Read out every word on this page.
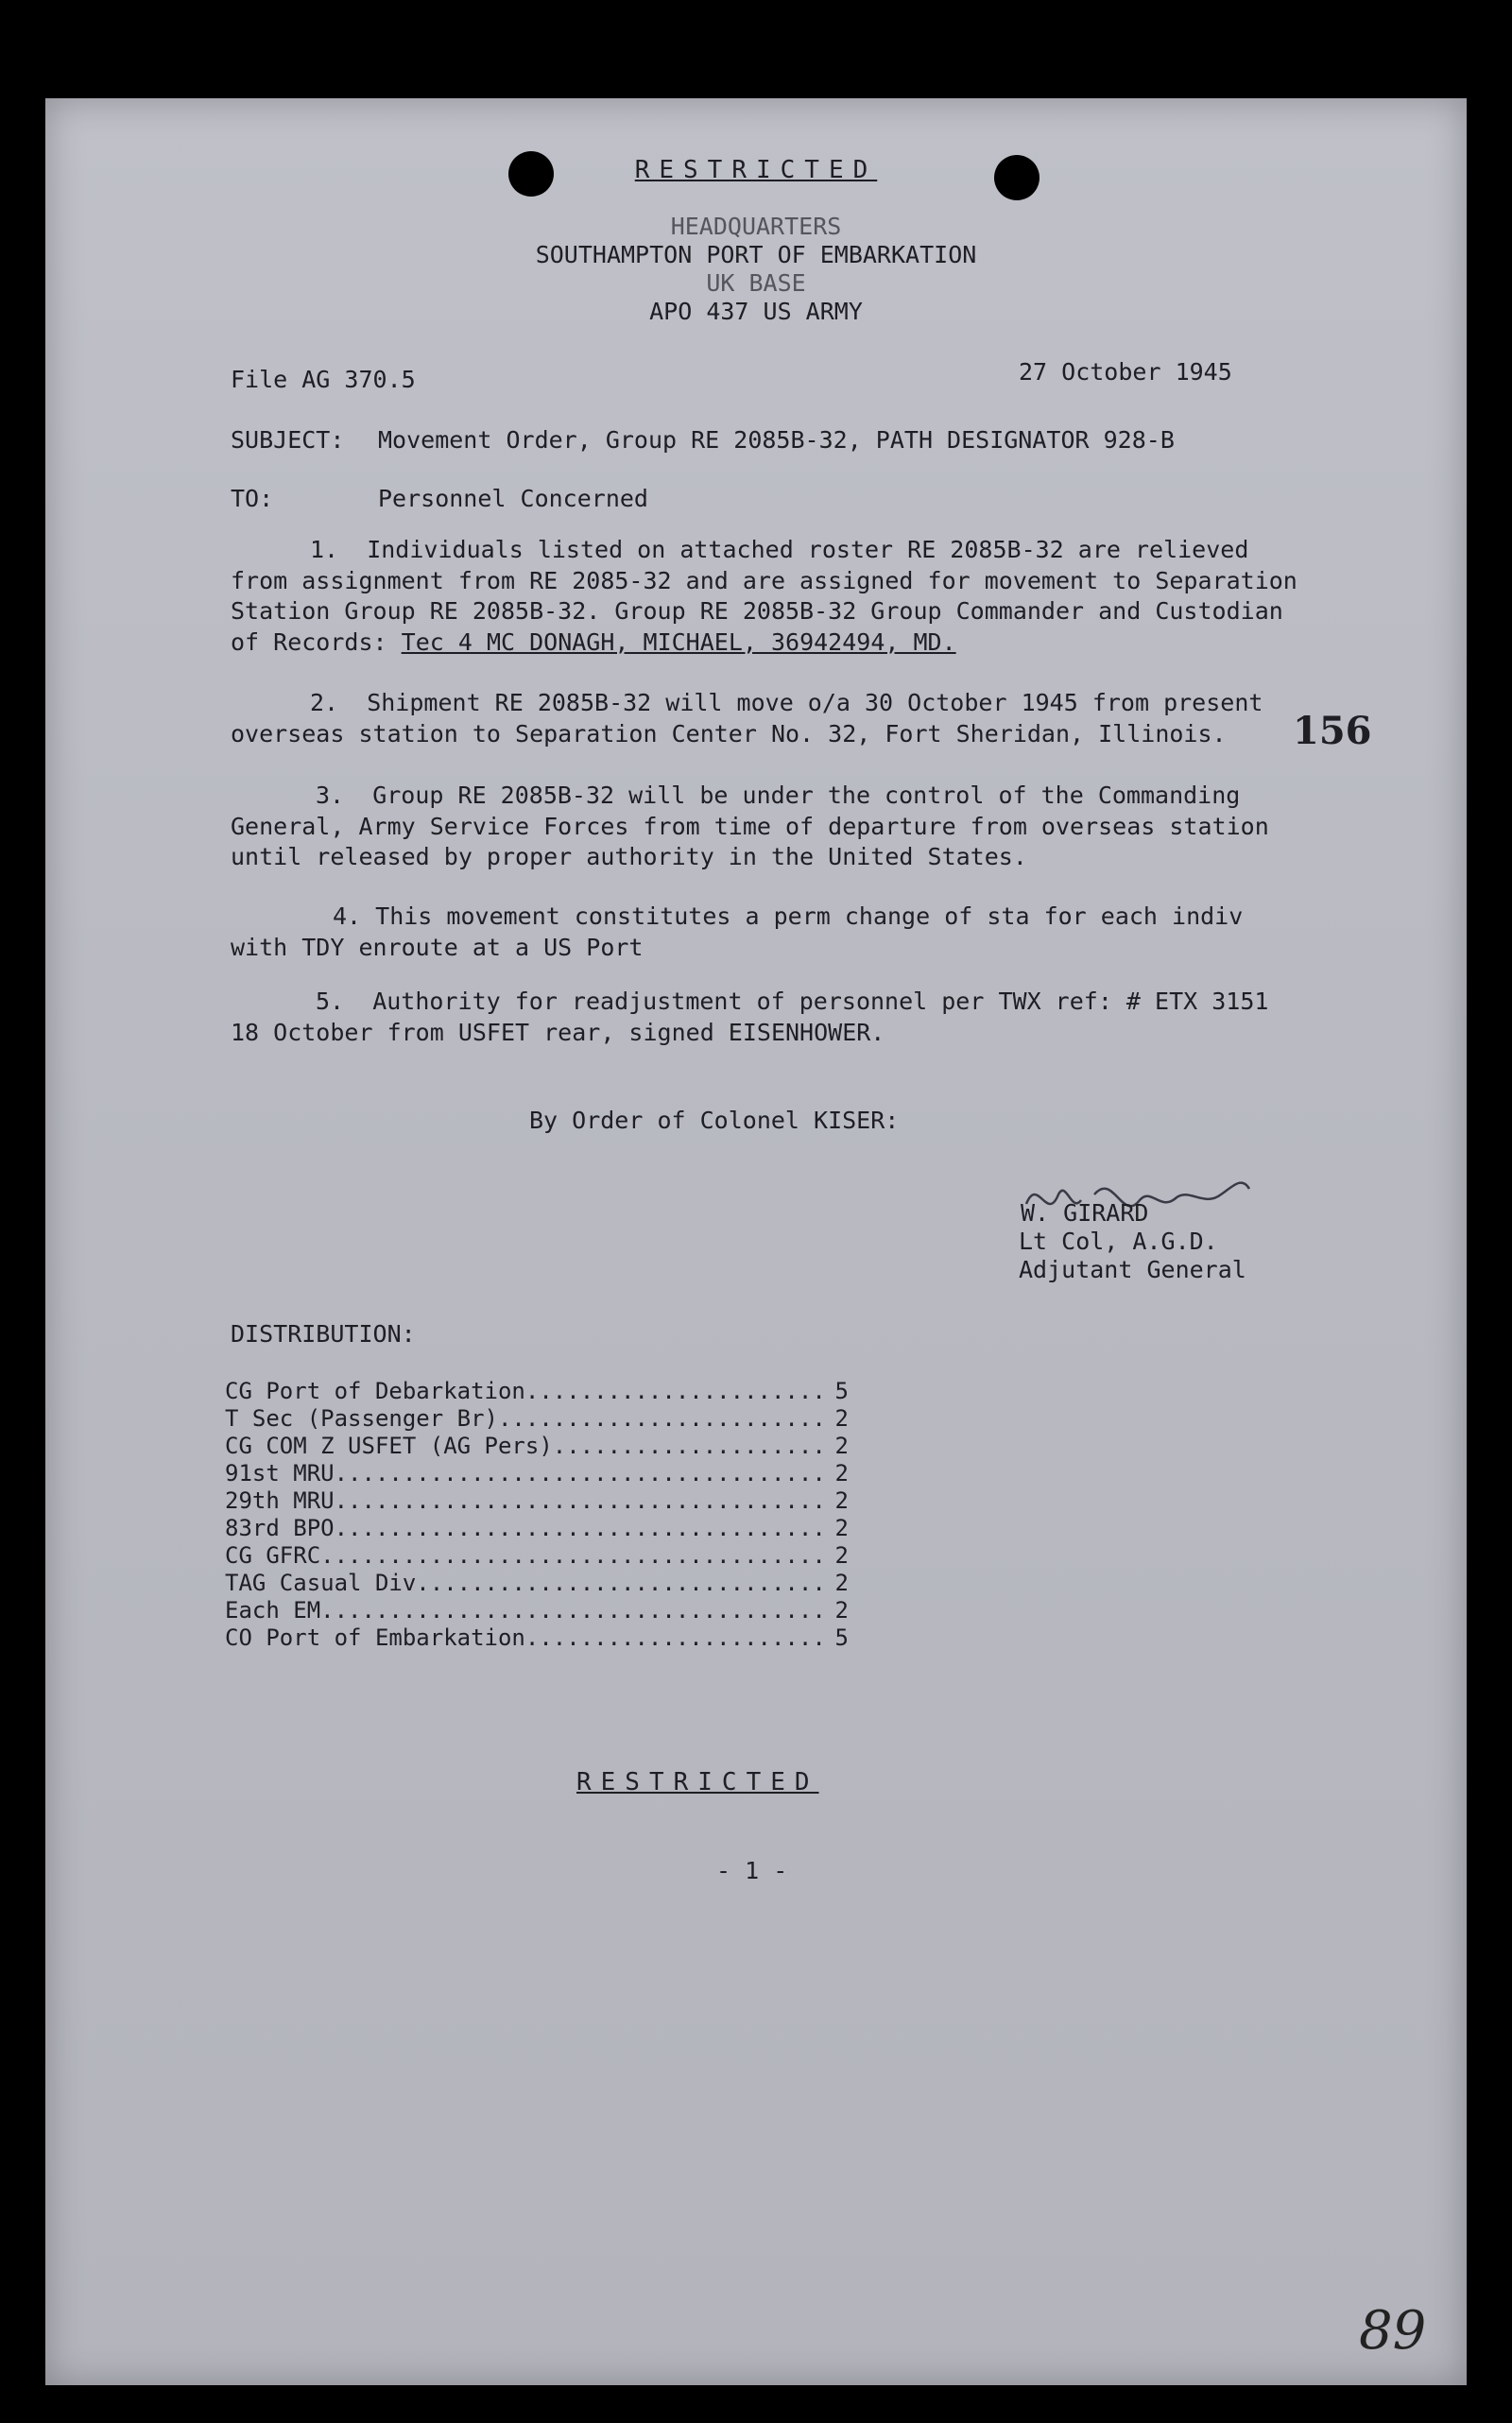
RESTRICTED
HEADQUARTERS
SOUTHAMPTON PORT OF EMBARKATION
UK BASE
APO 437 US ARMY
File AG 370.5	27 October 1945
SUBJECT: Movement Order, Group RE 2085B-32, PATH DESIGNATOR 928-B
TO:	Personnel Concerned
1.  Individuals listed on attached roster RE 2085B-32 are relieved
from assignment from RE 2085-32 and are assigned for movement to Separation
Station Group RE 2085B-32. Group RE 2085B-32 Group Commander and Custodian
of Records: Tec 4 MC DONAGH, MICHAEL, 36942494, MD.
2.  Shipment RE 2085B-32 will move o/a 30 October 1945 from present
overseas station to Separation Center No. 32, Fort Sheridan, Illinois.	156
3.  Group RE 2085B-32 will be under the control of the Commanding
General, Army Service Forces from time of departure from overseas station
until released by proper authority in the United States.
4. This movement constitutes a perm change of sta for each indiv
with TDY enroute at a US Port
5.  Authority for readjustment of personnel per TWX ref: # ETX 3151
18 October from USFET rear, signed EISENHOWER.
By Order of Colonel KISER:
W. GIRARD
Lt Col, A.G.D.
Adjutant General
DISTRIBUTION:
CG Port of Debarkation .....	5
T Sec (Passenger Br) .....	2
CG COM Z USFET (AG Pers) .....	2
91st MRU .....	2
29th MRU .....	2
83rd BPO .....	2
CG GFRC .....	2
TAG Casual Div .....	2
Each EM .....	2
CO Port of Embarkation .....	5
RESTRICTED
- 1 -
89
